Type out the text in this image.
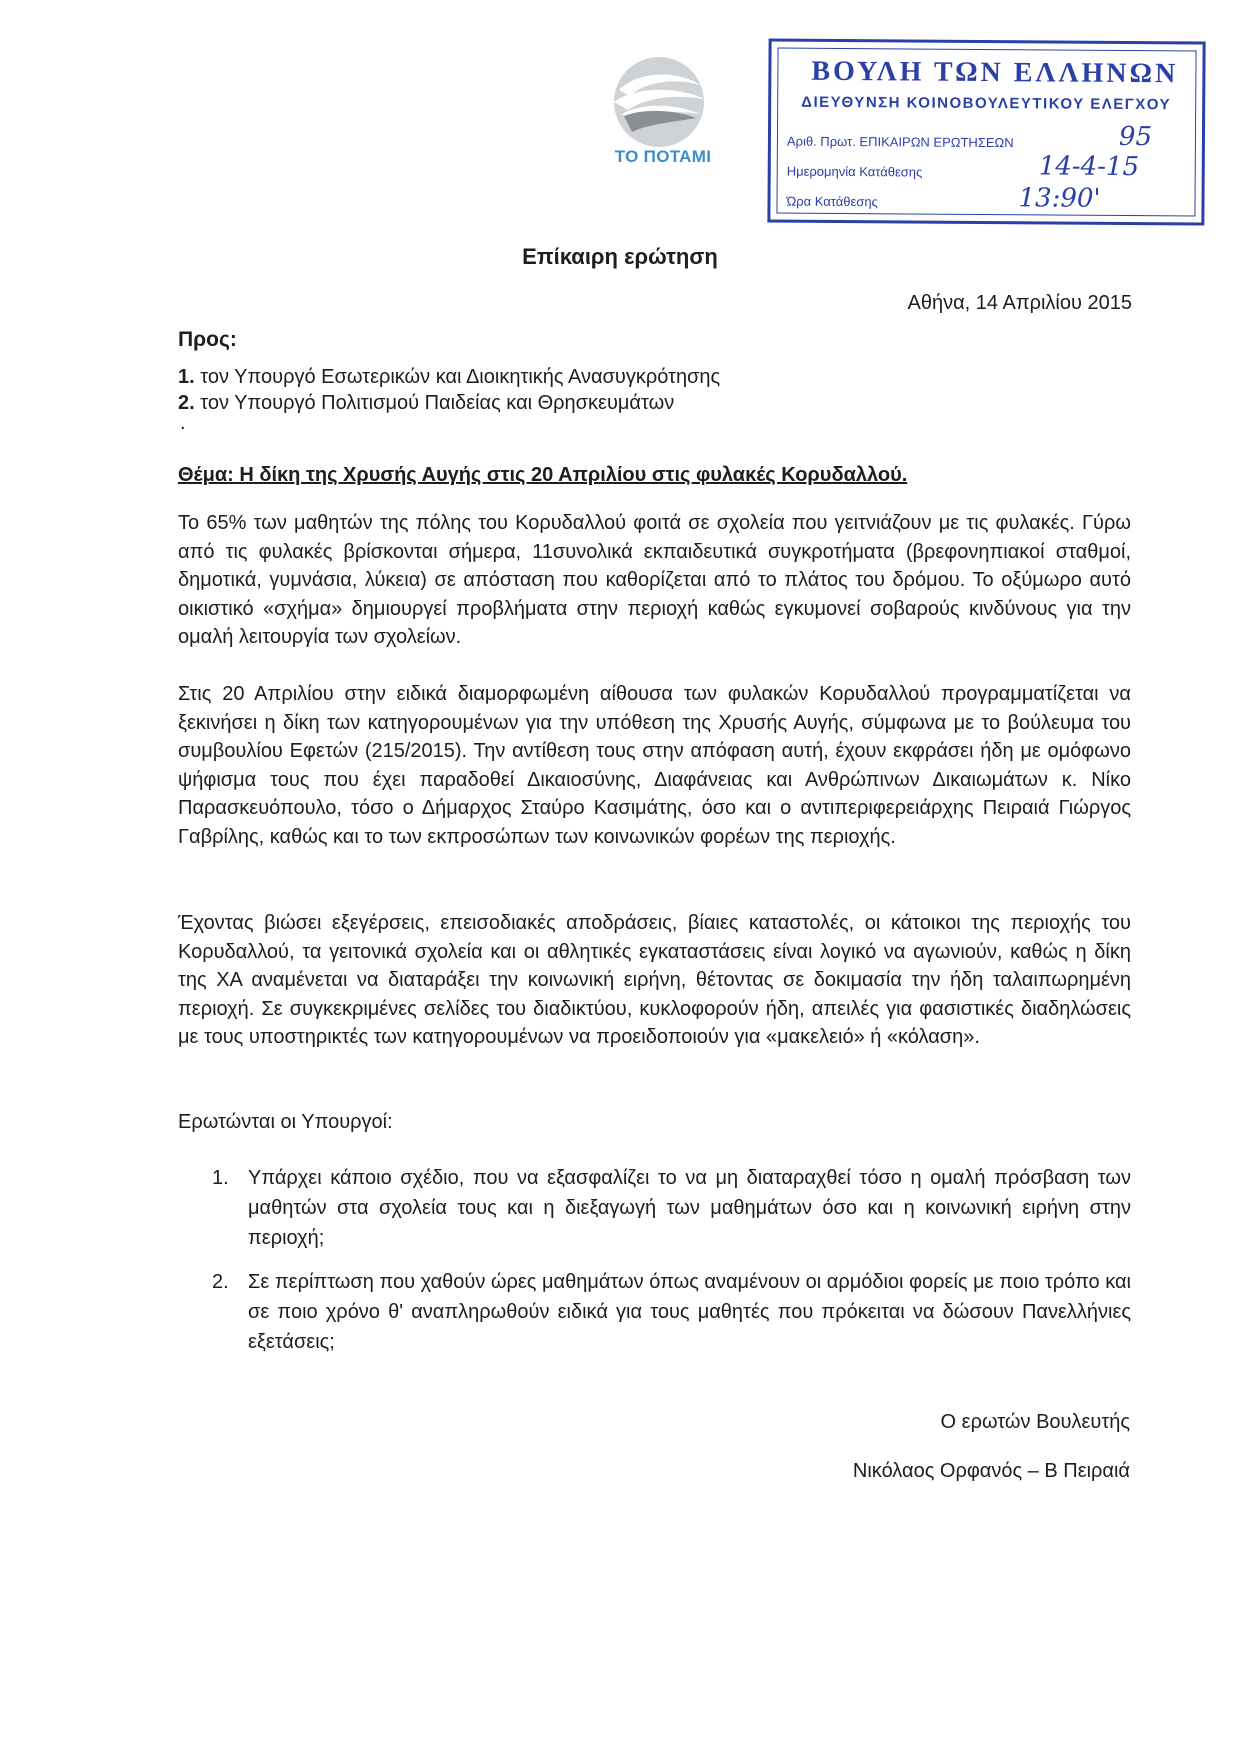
ΤΟ ΠΟΤΑΜΙ
ΒΟΥΛΗ ΤΩΝ ΕΛΛΗΝΩΝ
ΔΙΕΥΘΥΝΣΗ ΚΟΙΝΟΒΟΥΛΕΥΤΙΚΟΥ ΕΛΕΓΧΟΥ
Αριθ. Πρωτ. ΕΠΙΚΑΙΡΩΝ ΕΡΩΤΗΣΕΩΝ	95
Ημερομηνία Κατάθεσης	14-4-15
Ώρα Κατάθεσης	13:90'
Επίκαιρη ερώτηση
Αθήνα, 14 Απριλίου 2015
Προς:
1. τον Υπουργό Εσωτερικών και Διοικητικής Ανασυγκρότησης
2. τον Υπουργό Πολιτισμού Παιδείας και Θρησκευμάτων
.
Θέμα: Η δίκη της Χρυσής Αυγής στις 20 Απριλίου στις φυλακές Κορυδαλλού.
Το 65% των μαθητών της πόλης του Κορυδαλλού φοιτά σε σχολεία που γειτνιάζουν με τις φυλακές. Γύρω από τις φυλακές βρίσκονται σήμερα, 11συνολικά εκπαιδευτικά συγκροτήματα (βρεφονηπιακοί σταθμοί, δημοτικά, γυμνάσια, λύκεια) σε απόσταση που καθορίζεται από το πλάτος του δρόμου. Το οξύμωρο αυτό οικιστικό «σχήμα» δημιουργεί προβλήματα στην περιοχή καθώς εγκυμονεί σοβαρούς κινδύνους για την ομαλή λειτουργία των σχολείων.
Στις 20 Απριλίου στην ειδικά διαμορφωμένη αίθουσα των φυλακών Κορυδαλλού προγραμματίζεται να ξεκινήσει η δίκη των κατηγορουμένων για την υπόθεση της Χρυσής Αυγής, σύμφωνα με το βούλευμα του συμβουλίου Εφετών (215/2015). Την αντίθεση τους στην απόφαση αυτή, έχουν εκφράσει ήδη με ομόφωνο ψήφισμα τους που έχει παραδοθεί Δικαιοσύνης, Διαφάνειας και Ανθρώπινων Δικαιωμάτων κ. Νίκο Παρασκευόπουλο, τόσο ο Δήμαρχος Σταύρο Κασιμάτης, όσο και ο αντιπεριφερειάρχης Πειραιά Γιώργος Γαβρίλης, καθώς και το των εκπροσώπων των κοινωνικών φορέων της περιοχής.
Έχοντας βιώσει εξεγέρσεις, επεισοδιακές αποδράσεις, βίαιες καταστολές, οι κάτοικοι της περιοχής του Κορυδαλλού, τα γειτονικά σχολεία και οι αθλητικές εγκαταστάσεις είναι λογικό να αγωνιούν, καθώς η δίκη της ΧΑ αναμένεται να διαταράξει την κοινωνική ειρήνη, θέτοντας σε δοκιμασία την ήδη ταλαιπωρημένη περιοχή. Σε συγκεκριμένες σελίδες του διαδικτύου, κυκλοφορούν ήδη, απειλές για φασιστικές διαδηλώσεις με τους υποστηρικτές των κατηγορουμένων να προειδοποιούν για «μακελειό» ή «κόλαση».
Ερωτώνται οι Υπουργοί:
1. Υπάρχει κάποιο σχέδιο, που να εξασφαλίζει το να μη διαταραχθεί τόσο η ομαλή πρόσβαση των μαθητών στα σχολεία τους και η διεξαγωγή των μαθημάτων όσο και η κοινωνική ειρήνη στην περιοχή;
2. Σε περίπτωση που χαθούν ώρες μαθημάτων όπως αναμένουν οι αρμόδιοι φορείς με ποιο τρόπο και σε ποιο χρόνο θ' αναπληρωθούν ειδικά για τους μαθητές που πρόκειται να δώσουν Πανελλήνιες εξετάσεις;
Ο ερωτών Βουλευτής
Νικόλαος Ορφανός – Β Πειραιά
